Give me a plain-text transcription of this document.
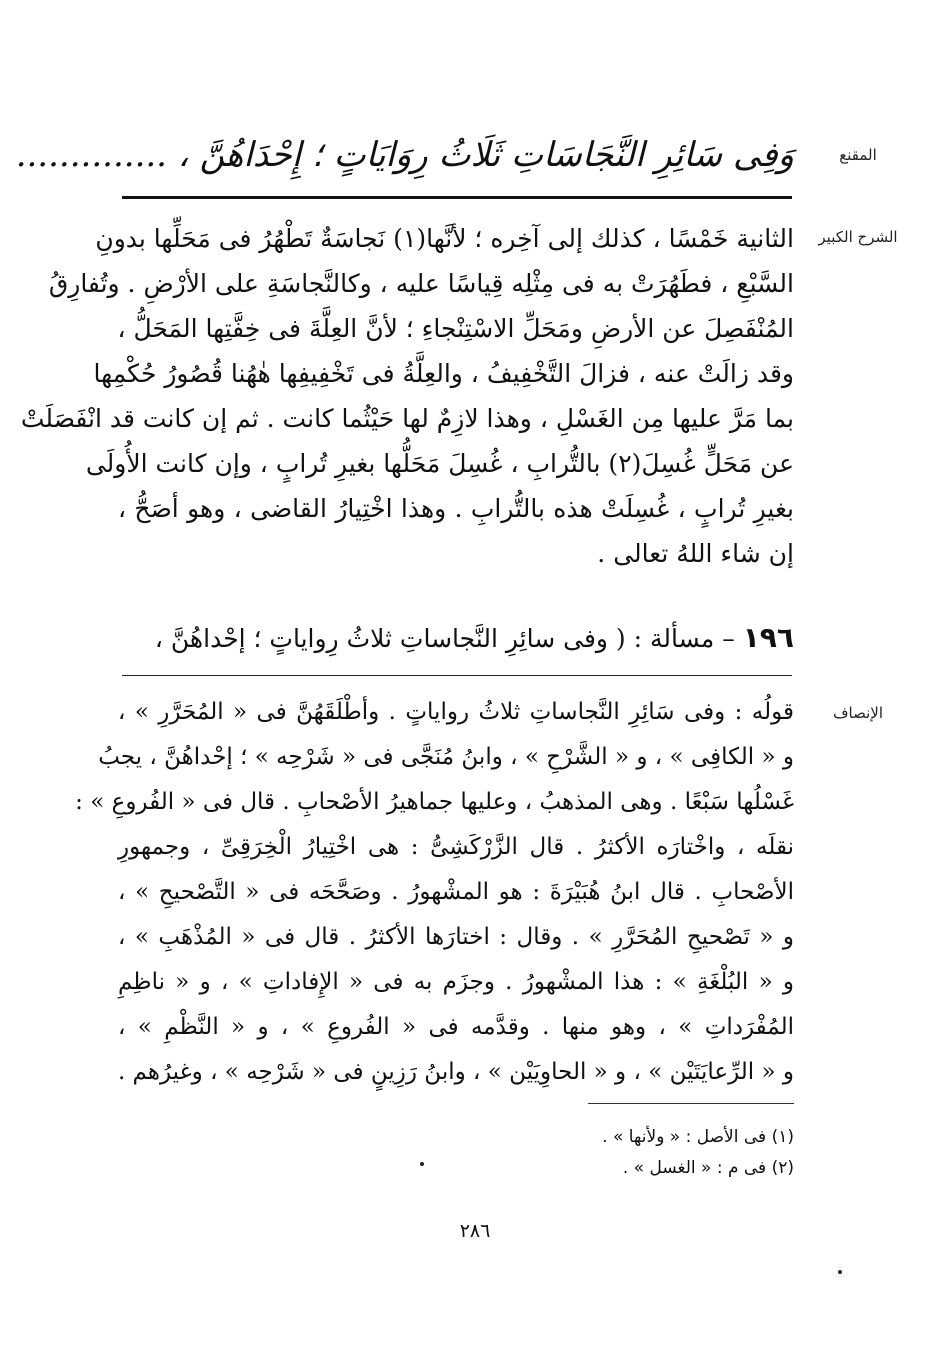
المقنع
وَفِى سَائِرِ النَّجَاسَاتِ ثَلَاثُ رِوَايَاتٍ ؛ إِحْدَاهُنَّ ، ..............
الشرح الكبير
الثانية خَمْسًا ، كذلك إلى آخِره ؛ لأنَّها(١) نَجاسَةٌ تَطْهُرُ فى مَحَلِّها بدونِ
السَّبْعِ ، فطَهُرَتْ به فى مِثْلِه قِياسًا عليه ، وكالنَّجاسَةِ على الأرْضِ . وتُفارِقُ
المُنْفَصِلَ عن الأرضِ ومَحَلِّ الاسْتِنْجاءِ ؛ لأنَّ العِلَّةَ فى خِفَّتِها المَحَلُّ ،
وقد زالَتْ عنه ، فزالَ التَّخْفِيفُ ، والعِلَّةُ فى تَخْفِيفِها هٰهُنا قُصُورُ حُكْمِها
بما مَرَّ عليها مِن الغَسْلِ ، وهذا لازِمٌ لها حَيْثُما كانت . ثم إن كانت قد انْفَصَلَتْ
عن مَحَلٍّ غُسِلَ(٢) بالتُّرابِ ، غُسِلَ مَحَلُّها بغيرِ تُرابٍ ، وإن كانت الأُولَى
بغيرِ تُرابٍ ، غُسِلَتْ هذه بالتُّرابِ . وهذا اخْتِيارُ القاضى ، وهو أصَحُّ ،
إن شاء اللهُ تعالى .
١٩٦ – مسألة : ( وفى سائِرِ النَّجاساتِ ثلاثُ رِواياتٍ ؛ إحْداهُنَّ ،
الإنصاف
قولُه : وفى سَائِرِ النَّجاساتِ ثلاثُ رواياتٍ . وأطْلَقَهُنَّ فى « المُحَرَّرِ » ،
و « الكافِى » ، و « الشَّرْحِ » ، وابنُ مُنَجَّى فى « شَرْحِه » ؛ إحْداهُنَّ ، يجبُ
غَسْلُها سَبْعًا . وهى المذهبُ ، وعليها جماهيرُ الأصْحابِ . قال فى « الفُروعِ » :
نقلَه ، واخْتارَه الأكثرُ . قال الزَّرْكَشِىُّ : هى اخْتِيارُ الْخِرَقِىِّ ، وجمهورِ
الأصْحابِ . قال ابنُ هُبَيْرَةَ : هو المشْهورُ . وصَحَّحَه فى « التَّصْحيحِ » ،
و « تَصْحيحِ المُحَرَّرِ » . وقال : اختارَها الأكثرُ . قال فى « المُذْهَبِ » ،
و « البُلْغَةِ » : هذا المشْهورُ . وجزَم به فى « الإِفاداتِ » ، و « ناظِمِ
المُفْرَداتِ » ، وهو منها . وقدَّمه فى « الفُروعِ » ، و « النَّظْمِ » ،
و « الرِّعايَتَيْن » ، و « الحاوِيَيْن » ، وابنُ رَزِينٍ فى « شَرْحِه » ، وغيرُهم .
(١) فى الأصل : « ولأنها » .
(٢) فى م : « الغسل » .
٢٨٦
